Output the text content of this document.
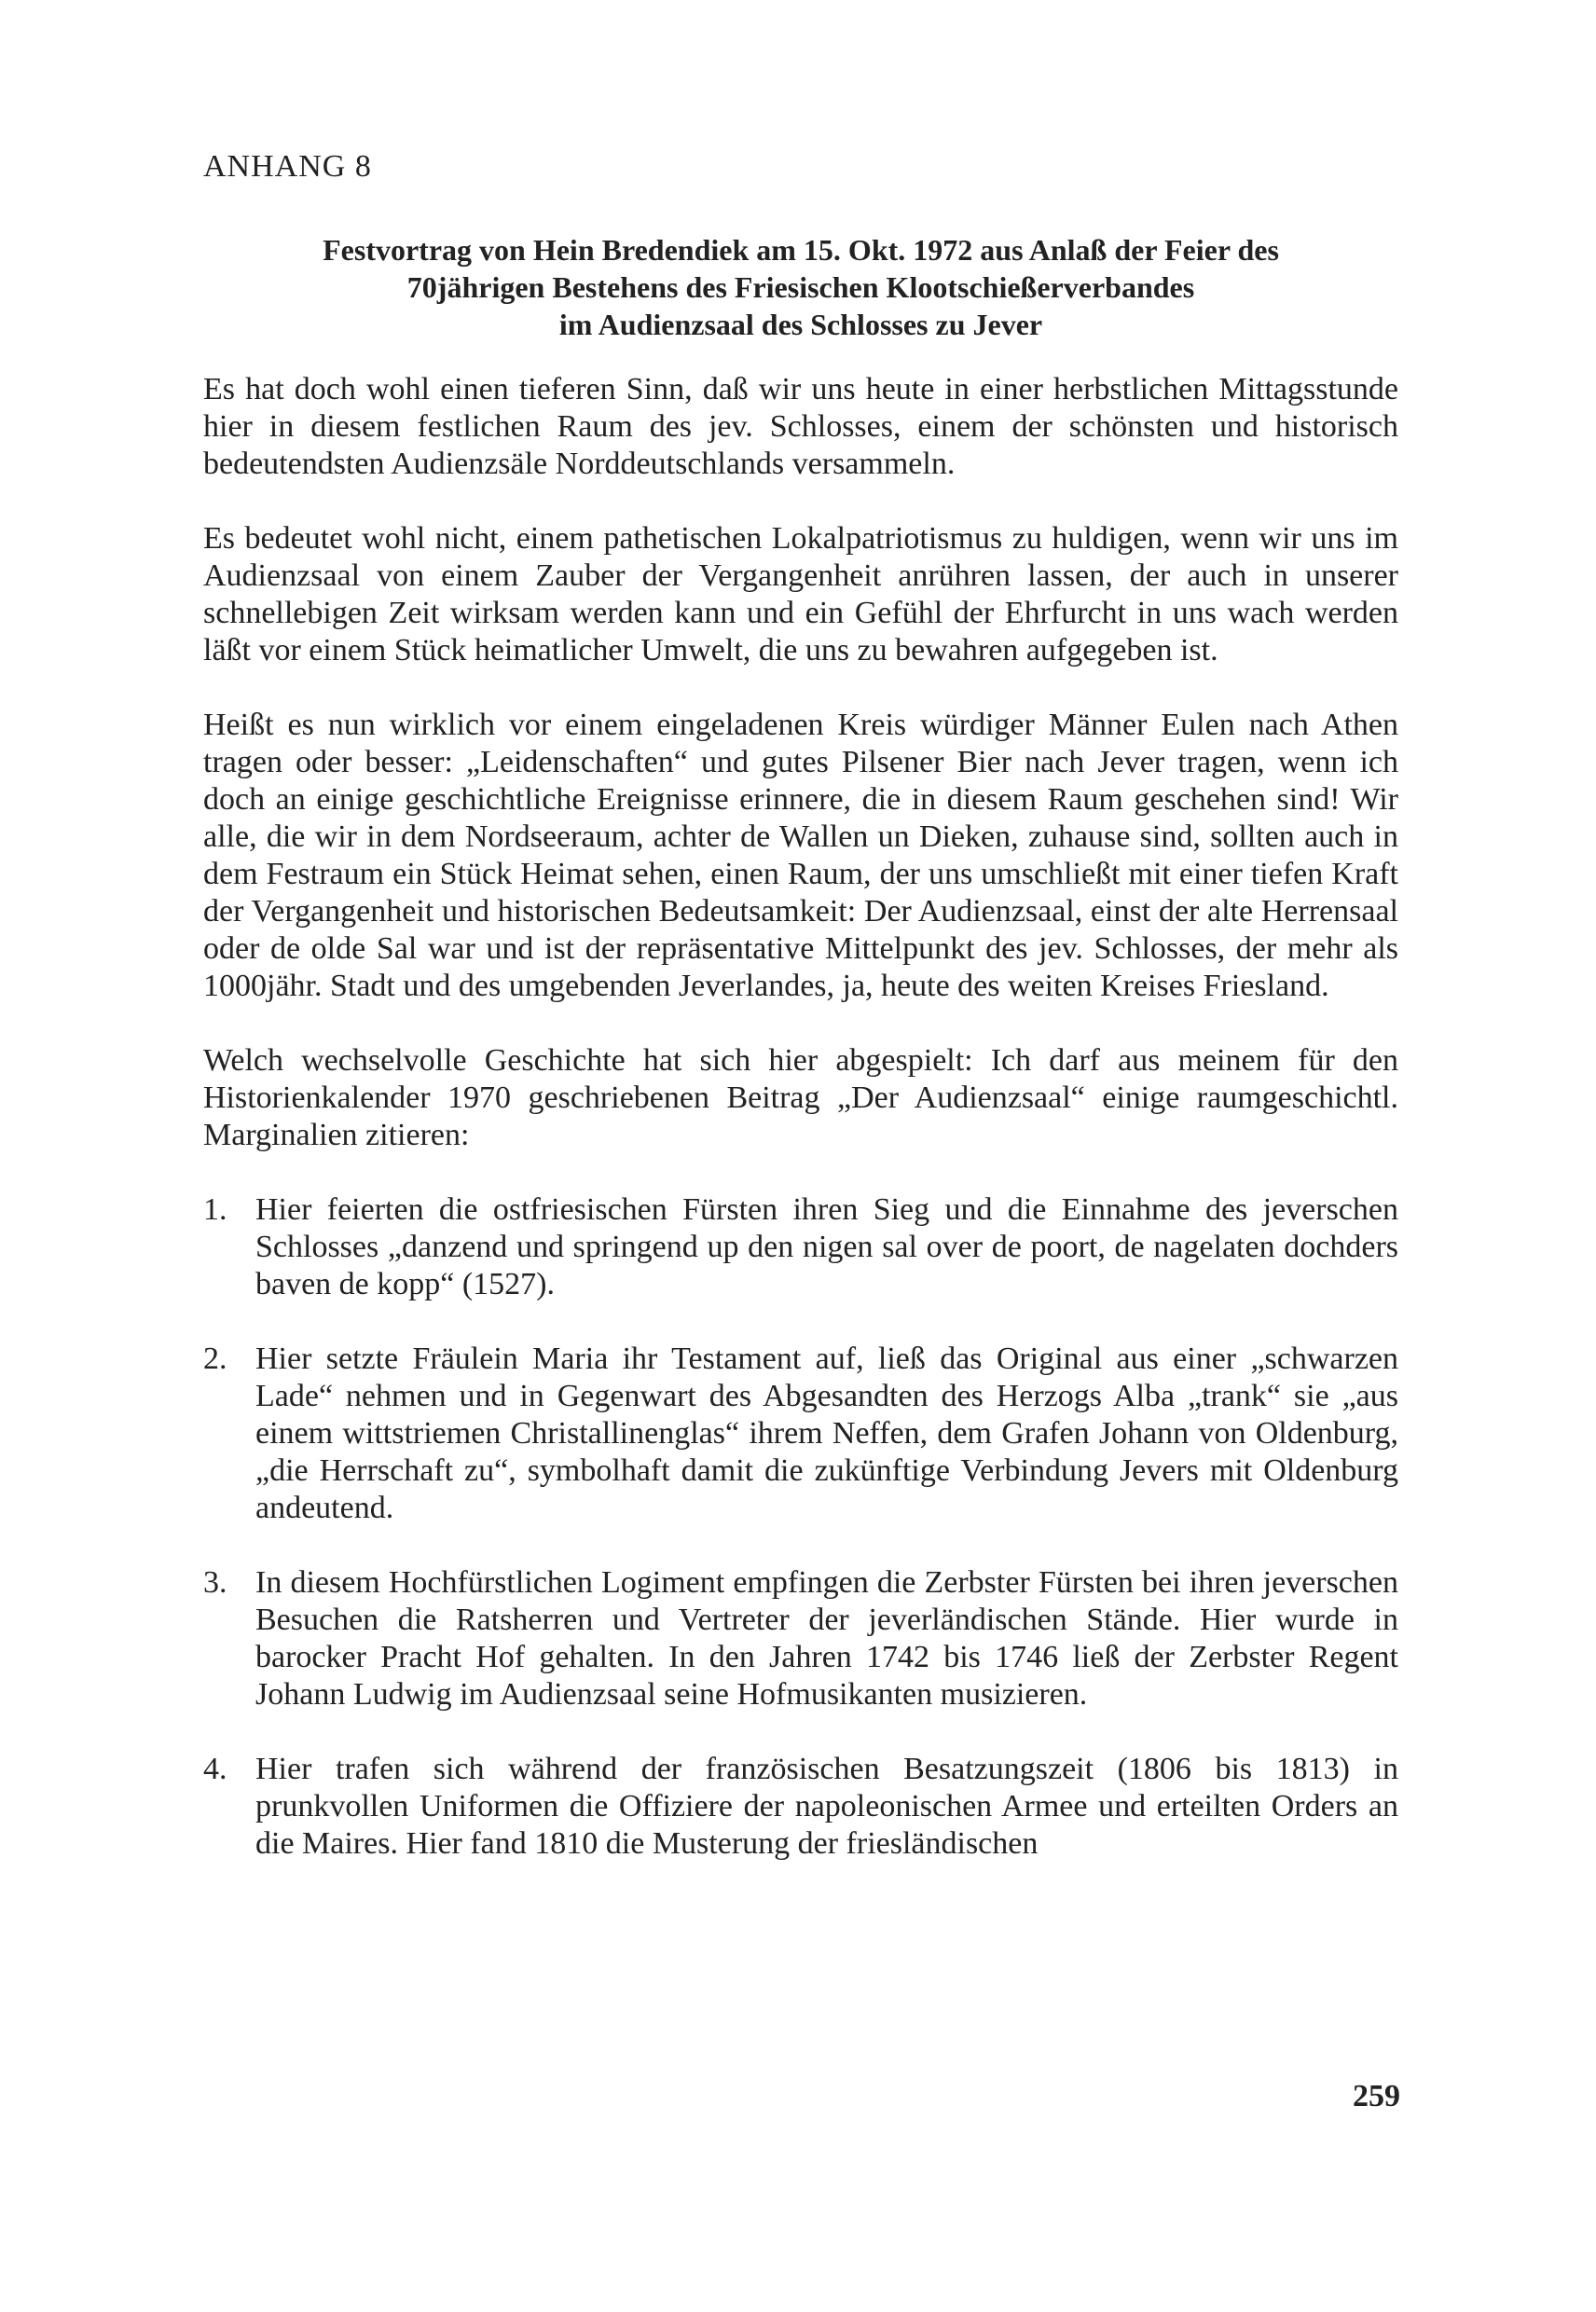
ANHANG 8
Festvortrag von Hein Bredendiek am 15. Okt. 1972 aus Anlaß der Feier des
70jährigen Bestehens des Friesischen Klootschießerverbandes
im Audienzsaal des Schlosses zu Jever

Es hat doch wohl einen tieferen Sinn, daß wir uns heute in einer herbstlichen Mittagsstunde hier in diesem festlichen Raum des jev. Schlosses, einem der schönsten und historisch bedeutendsten Audienzsäle Norddeutschlands versammeln.

Es bedeutet wohl nicht, einem pathetischen Lokalpatriotismus zu huldigen, wenn wir uns im Audienzsaal von einem Zauber der Vergangenheit anrühren lassen, der auch in unserer schnellebigen Zeit wirksam werden kann und ein Gefühl der Ehrfurcht in uns wach werden läßt vor einem Stück heimatlicher Umwelt, die uns zu bewahren aufgegeben ist.

Heißt es nun wirklich vor einem eingeladenen Kreis würdiger Männer Eulen nach Athen tragen oder besser: „Leidenschaften“ und gutes Pilsener Bier nach Jever tragen, wenn ich doch an einige geschichtliche Ereignisse erinnere, die in diesem Raum geschehen sind! Wir alle, die wir in dem Nordseeraum, achter de Wallen un Dieken, zuhause sind, sollten auch in dem Festraum ein Stück Heimat sehen, einen Raum, der uns umschließt mit einer tiefen Kraft der Vergangenheit und historischen Bedeutsamkeit: Der Audienzsaal, einst der alte Herrensaal oder de olde Sal war und ist der repräsentative Mittelpunkt des jev. Schlosses, der mehr als 1000jähr. Stadt und des umgebenden Jeverlandes, ja, heute des weiten Kreises Friesland.

Welch wechselvolle Geschichte hat sich hier abgespielt: Ich darf aus meinem für den Historienkalender 1970 geschriebenen Beitrag „Der Audienzsaal“ einige raumgeschichtl. Marginalien zitieren:

1. Hier feierten die ostfriesischen Fürsten ihren Sieg und die Einnahme des jeverschen Schlosses „danzend und springend up den nigen sal over de poort, de nagelaten dochders baven de kopp“ (1527).
2. Hier setzte Fräulein Maria ihr Testament auf, ließ das Original aus einer „schwarzen Lade“ nehmen und in Gegenwart des Abgesandten des Herzogs Alba „trank“ sie „aus einem wittstriemen Christallinenglas“ ihrem Neffen, dem Grafen Johann von Oldenburg, „die Herrschaft zu“, symbolhaft damit die zukünftige Verbindung Jevers mit Oldenburg andeutend.
3. In diesem Hochfürstlichen Logiment empfingen die Zerbster Fürsten bei ihren jeverschen Besuchen die Ratsherren und Vertreter der jeverländischen Stände. Hier wurde in barocker Pracht Hof gehalten. In den Jahren 1742 bis 1746 ließ der Zerbster Regent Johann Ludwig im Audienzsaal seine Hofmusikanten musizieren.
4. Hier trafen sich während der französischen Besatzungszeit (1806 bis 1813) in prunkvollen Uniformen die Offiziere der napoleonischen Armee und erteilten Orders an die Maires. Hier fand 1810 die Musterung der friesländischen
259
